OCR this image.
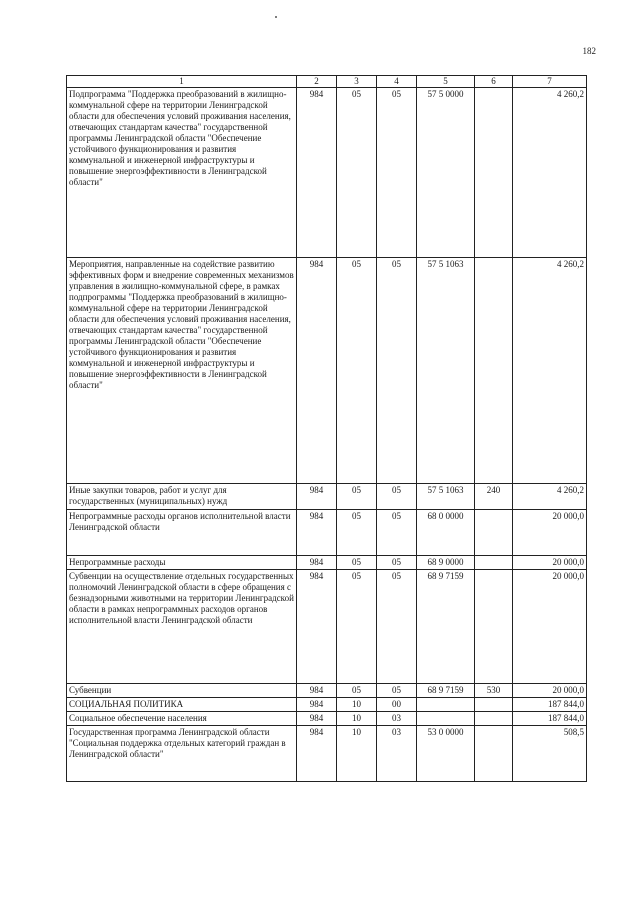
182
1	2	3	4	5	6	7
Подпрограмма "Поддержка преобразований в жилищно-коммунальной сфере на территории Ленинградской области для обеспечения условий проживания населения, отвечающих стандартам качества" государственной программы Ленинградской области "Обеспечение устойчивого функционирования и развития коммунальной и инженерной инфраструктуры и повышение энергоэффективности в Ленинградской области"	984	05	05	57 5 0000		4 260,2
Мероприятия, направленные на содействие развитию эффективных форм и внедрение современных механизмов управления в жилищно-коммунальной сфере, в рамках подпрограммы "Поддержка преобразований в жилищно-коммунальной сфере на территории Ленинградской области для обеспечения условий проживания населения, отвечающих стандартам качества" государственной программы Ленинградской области "Обеспечение устойчивого функционирования и развития коммунальной и инженерной инфраструктуры и повышение энергоэффективности в Ленинградской области"	984	05	05	57 5 1063		4 260,2
Иные закупки товаров, работ и услуг для государственных (муниципальных) нужд	984	05	05	57 5 1063	240	4 260,2
Непрограммные расходы органов исполнительной власти Ленинградской области	984	05	05	68 0 0000		20 000,0
Непрограммные расходы	984	05	05	68 9 0000		20 000,0
Субвенции на осуществление отдельных государственных полномочий Ленинградской области в сфере обращения с безнадзорными животными на территории Ленинградской области в рамках непрограммных расходов органов исполнительной власти Ленинградской области	984	05	05	68 9 7159		20 000,0
Субвенции	984	05	05	68 9 7159	530	20 000,0
СОЦИАЛЬНАЯ ПОЛИТИКА	984	10	00			187 844,0
Социальное обеспечение населения	984	10	03			187 844,0
Государственная программа Ленинградской области "Социальная поддержка отдельных категорий граждан в Ленинградской области"	984	10	03	53 0 0000		508,5
